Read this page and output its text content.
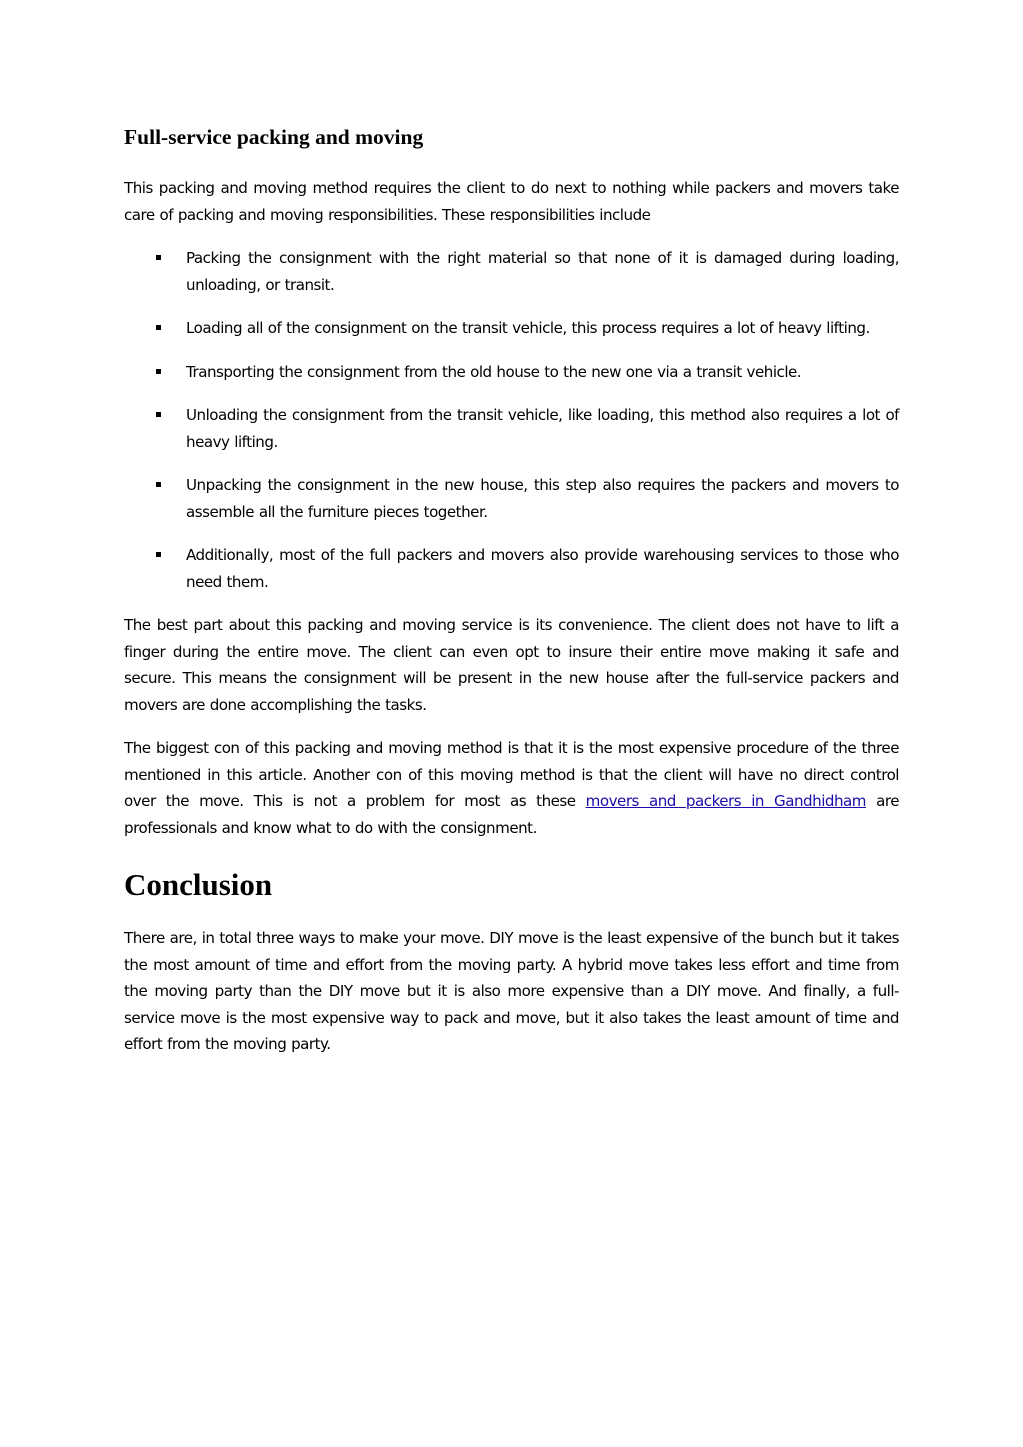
Full-service packing and moving

This packing and moving method requires the client to do next to nothing while packers and movers take care of packing and moving responsibilities. These responsibilities include

Packing the consignment with the right material so that none of it is damaged during loading, unloading, or transit.
Loading all of the consignment on the transit vehicle, this process requires a lot of heavy lifting.
Transporting the consignment from the old house to the new one via a transit vehicle.
Unloading the consignment from the transit vehicle, like loading, this method also requires a lot of heavy lifting.
Unpacking the consignment in the new house, this step also requires the packers and movers to assemble all the furniture pieces together.
Additionally, most of the full packers and movers also provide warehousing services to those who need them.

The best part about this packing and moving service is its convenience. The client does not have to lift a finger during the entire move. The client can even opt to insure their entire move making it safe and secure. This means the consignment will be present in the new house after the full-service packers and movers are done accomplishing the tasks.

The biggest con of this packing and moving method is that it is the most expensive procedure of the three mentioned in this article. Another con of this moving method is that the client will have no direct control over the move. This is not a problem for most as these movers and packers in Gandhidham are professionals and know what to do with the consignment.

Conclusion

There are, in total three ways to make your move. DIY move is the least expensive of the bunch but it takes the most amount of time and effort from the moving party. A hybrid move takes less effort and time from the moving party than the DIY move but it is also more expensive than a DIY move. And finally, a full-service move is the most expensive way to pack and move, but it also takes the least amount of time and effort from the moving party.
